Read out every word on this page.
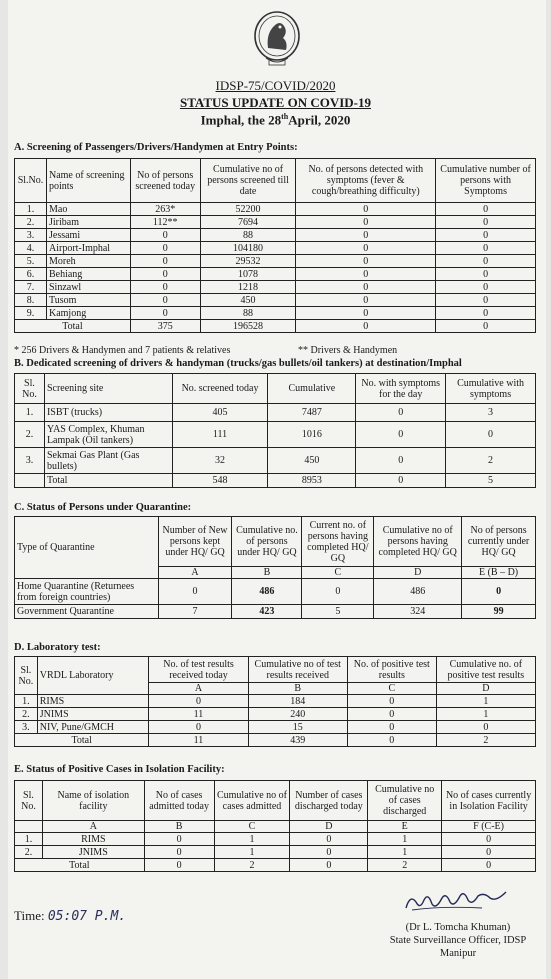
IDSP-75/COVID/2020
STATUS UPDATE ON COVID-19
Imphal, the 28thApril, 2020
A. Screening of Passengers/Drivers/Handymen at Entry Points:
Sl.No.	Name of screening points	No of persons screened today	Cumulative no of persons screened till date	No. of persons detected with symptoms (fever & cough/breathing difficulty)	Cumulative number of persons with Symptoms
1.	Mao	263*	52200	0	0
2.	Jiribam	112**	7694	0	0
3.	Jessami	0	88	0	0
4.	Airport-Imphal	0	104180	0	0
5.	Moreh	0	29532	0	0
6.	Behiang	0	1078	0	0
7.	Sinzawl	0	1218	0	0
8.	Tusom	0	450	0	0
9.	Kamjong	0	88	0	0
Total		375	196528	0	0
* 256 Drivers & Handymen and 7 patients & relatives	** Drivers & Handymen
B. Dedicated screening of drivers & handyman (trucks/gas bullets/oil tankers) at destination/Imphal
Sl. No.	Screening site	No. screened today	Cumulative	No. with symptoms for the day	Cumulative with symptoms
1.	ISBT (trucks)	405	7487	0	3
2.	YAS Complex, Khuman Lampak (Oil tankers)	111	1016	0	0
3.	Sekmai Gas Plant (Gas bullets)	32	450	0	2
	Total	548	8953	0	5
C. Status of Persons under Quarantine:
Type of Quarantine	Number of New persons kept under HQ/ GQ	Cumulative no. of persons under HQ/ GQ	Current no. of persons having completed HQ/ GQ	Cumulative no of persons having completed HQ/ GQ	No of persons currently under HQ/ GQ
	A	B	C	D	E (B – D)
Home Quarantine (Returnees from foreign countries)	0	486	0	486	0
Government Quarantine	7	423	5	324	99
D. Laboratory test:
Sl. No.	VRDL Laboratory	No. of test results received today	Cumulative no of test results received	No. of positive test results	Cumulative no. of positive test results
		A	B	C	D
1.	RIMS	0	184	0	1
2.	JNIMS	11	240	0	1
3.	NIV, Pune/GMCH	0	15	0	0
Total		11	439	0	2
E. Status of Positive Cases in Isolation Facility:
Sl. No.	Name of isolation facility	No of cases admitted today	Cumulative no of cases admitted	Number of cases discharged today	Cumulative no of cases discharged	No of cases currently in Isolation Facility
	A	B	C	D	E	F (C-E)
1.	RIMS	0	1	0	1	0
2.	JNIMS	0	1	0	1	0
Total		0	2	0	2	0
Time: 05:07 P.M.
(Dr L. Tomcha Khuman)
State Surveillance Officer, IDSP
Manipur
